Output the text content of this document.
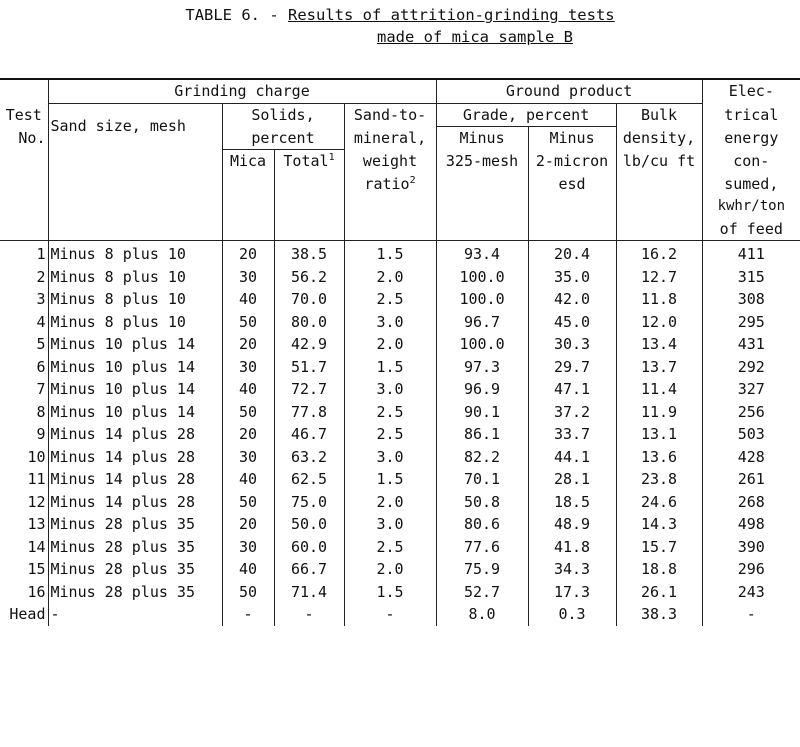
TABLE 6. - Results of attrition-grinding tests
made of mica sample B
	Grinding charge				Ground product			Elec-
Test	Sand size, mesh	Solids,		Sand-to-	Grade, percent		Bulk	trical
No.		percent		mineral,	Minus	Minus	density,	energy
		Mica	Total$^1$	weight	325-mesh	2-micron	lb/cu ft	con-
				ratio$^2$		esd		sumed,
								kwhr/ton
								of feed
1	Minus 8 plus 10	20	38.5	1.5	93.4	20.4	16.2	411
2	Minus 8 plus 10	30	56.2	2.0	100.0	35.0	12.7	315
3	Minus 8 plus 10	40	70.0	2.5	100.0	42.0	11.8	308
4	Minus 8 plus 10	50	80.0	3.0	96.7	45.0	12.0	295
5	Minus 10 plus 14	20	42.9	2.0	100.0	30.3	13.4	431
6	Minus 10 plus 14	30	51.7	1.5	97.3	29.7	13.7	292
7	Minus 10 plus 14	40	72.7	3.0	96.9	47.1	11.4	327
8	Minus 10 plus 14	50	77.8	2.5	90.1	37.2	11.9	256
9	Minus 14 plus 28	20	46.7	2.5	86.1	33.7	13.1	503
10	Minus 14 plus 28	30	63.2	3.0	82.2	44.1	13.6	428
11	Minus 14 plus 28	40	62.5	1.5	70.1	28.1	23.8	261
12	Minus 14 plus 28	50	75.0	2.0	50.8	18.5	24.6	268
13	Minus 28 plus 35	20	50.0	3.0	80.6	48.9	14.3	498
14	Minus 28 plus 35	30	60.0	2.5	77.6	41.8	15.7	390
15	Minus 28 plus 35	40	66.7	2.0	75.9	34.3	18.8	296
16	Minus 28 plus 35	50	71.4	1.5	52.7	17.3	26.1	243
Head	-	-	-	-	8.0	0.3	38.3	-
